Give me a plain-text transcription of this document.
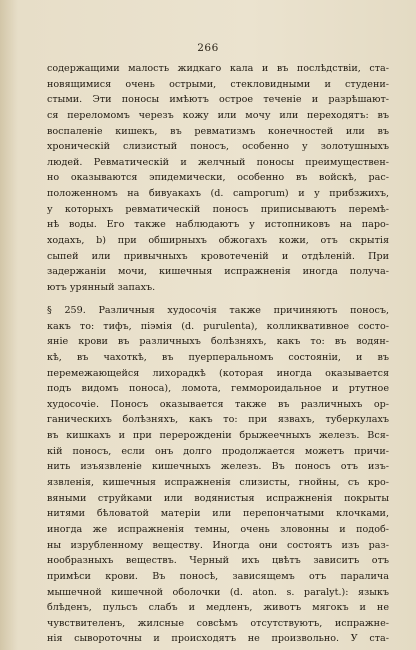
266
содержащими малость жидкаго кала и въ послѣдствіи, ста-
новящимися очень острыми, стекловидными и студени-
стыми. Эти поносы имѣютъ острое теченіе и разрѣшают-
ся переломомъ черезъ кожу или мочу или переходятъ: въ
воспаленіе кишекъ, въ ревматизмъ конечностей или въ
хроническій слизистый поносъ, особенно у золотушныхъ
людей. Ревматическій и желчный поносы преимуществен-
но оказываются эпидемически, особенно въ войскѣ, рас-
положенномъ на бивуакахъ (d. camporum) и у прибзжихъ,
у которыхъ ревматическій поносъ приписываютъ перемѣ-
нѣ воды. Его также наблюдаютъ у истопниковъ на паро-
ходахъ, b) при обширныхъ обжогахъ кожи, отъ скрытія
сыпей или привычныхъ кровотеченій и отдѣленій. При
задержаніи мочи, кишечныя испражненія иногда получа-
ютъ урянный запахъ.
§ 259. Различныя худосочія также причиняютъ поносъ,
какъ то: тифъ, піэмія (d. purulenta), колликвативное состо-
яніе крови въ различныхъ болѣзняхъ, какъ то: въ водян-
кѣ, въ чахоткѣ, въ пуерперальномъ состояніи, и въ
перемежающейся лихорадкѣ (которая иногда оказывается
подъ видомъ поноса), ломота, геммороидальное и ртутное
худосочіе. Поносъ оказывается также въ различныхъ ор-
ганическихъ болѣзняхъ, какъ то: при язвахъ, туберкулахъ
въ кишкахъ и при перерожденіи брыжеечныхъ железъ. Вся-
кій поносъ, если онъ долго продолжается можетъ причи-
нить изъязвленіе кишечныхъ железъ. Въ поносъ отъ изъ-
язвленія, кишечныя испражненія слизисты, гнойны, съ кро-
вяными струйками или водянистыя испражненія покрыты
нитями бѣловатой матеріи или перепончатыми клочками,
иногда же испражненія темны, очень зловонны и подоб-
ны изрубленному веществу. Иногда они состоятъ изъ раз-
нообразныхъ веществъ. Черный ихъ цвѣтъ зависитъ отъ
примѣси крови. Въ поносѣ, зависящемъ отъ паралича
мышечной кишечной оболочки (d. aton. s. paralyt.): языкъ
блѣденъ, пульсъ слабъ и медленъ, животъ мягокъ и не
чувствителенъ, жилсные совсѣмъ отсутствуютъ, испражне-
нія сывороточны и происходятъ не произвольно. У ста-
